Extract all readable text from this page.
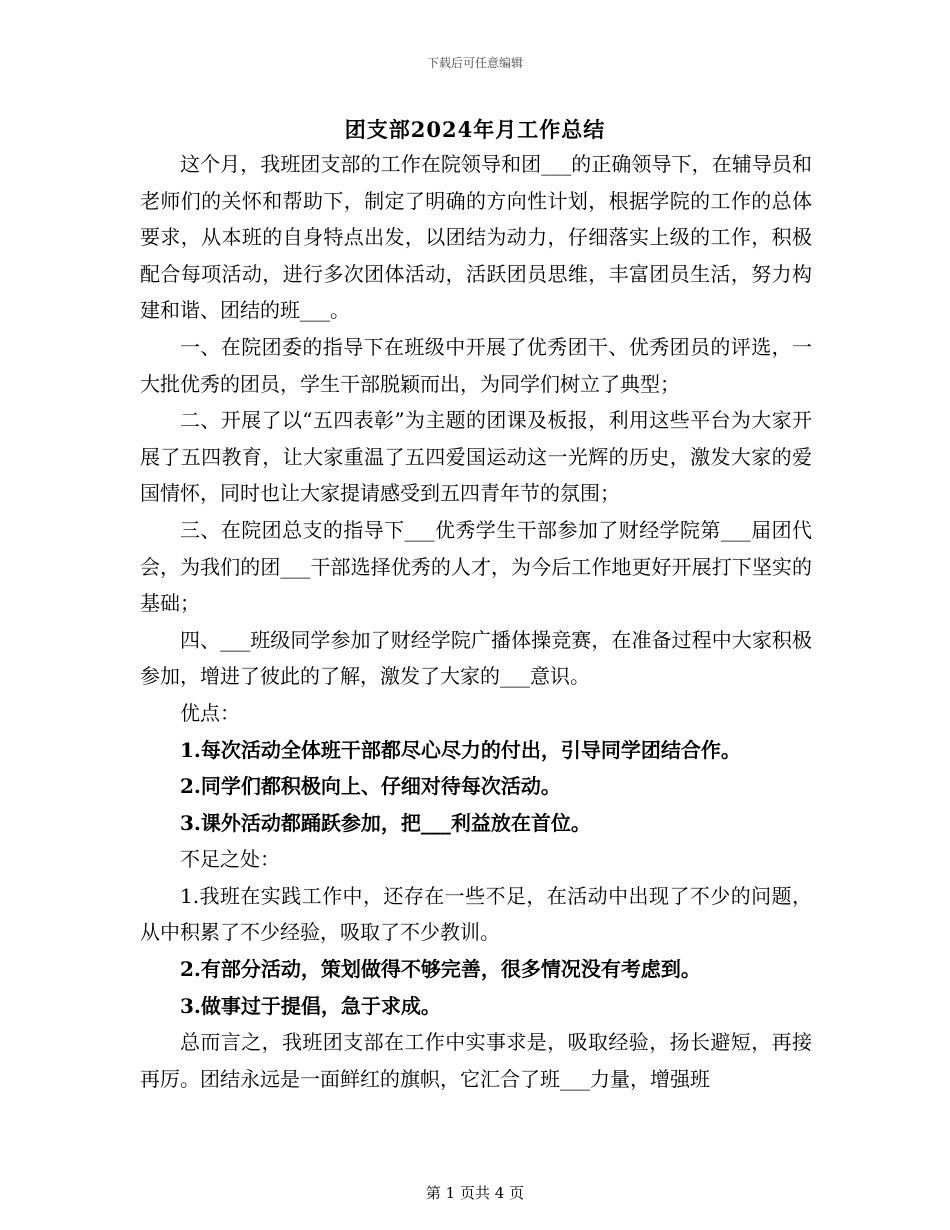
下载后可任意编辑
团支部2024年月工作总结

这个月，我班团支部的工作在院领导和团___的正确领导下，在辅导员和老师们的关怀和帮助下，制定了明确的方向性计划，根据学院的工作的总体要求，从本班的自身特点出发，以团结为动力，仔细落实上级的工作，积极配合每项活动，进行多次团体活动，活跃团员思维，丰富团员生活，努力构建和谐、团结的班___。

一、在院团委的指导下在班级中开展了优秀团干、优秀团员的评选，一大批优秀的团员，学生干部脱颖而出，为同学们树立了典型；

二、开展了以“五四表彰”为主题的团课及板报，利用这些平台为大家开展了五四教育，让大家重温了五四爱国运动这一光辉的历史，激发大家的爱国情怀，同时也让大家提请感受到五四青年节的氛围；

三、在院团总支的指导下___优秀学生干部参加了财经学院第___届团代会，为我们的团___干部选择优秀的人才，为今后工作地更好开展打下坚实的基础；

四、___班级同学参加了财经学院广播体操竞赛，在准备过程中大家积极参加，增进了彼此的了解，激发了大家的___意识。

优点：

1.每次活动全体班干部都尽心尽力的付出，引导同学团结合作。

2.同学们都积极向上、仔细对待每次活动。

3.课外活动都踊跃参加，把___利益放在首位。

不足之处：

1.我班在实践工作中，还存在一些不足，在活动中出现了不少的问题，从中积累了不少经验，吸取了不少教训。

2.有部分活动，策划做得不够完善，很多情况没有考虑到。

3.做事过于提倡，急于求成。

总而言之，我班团支部在工作中实事求是，吸取经验，扬长避短，再接再厉。团结永远是一面鲜红的旗帜，它汇合了班___力量，增强班

第 1 页共 4 页
